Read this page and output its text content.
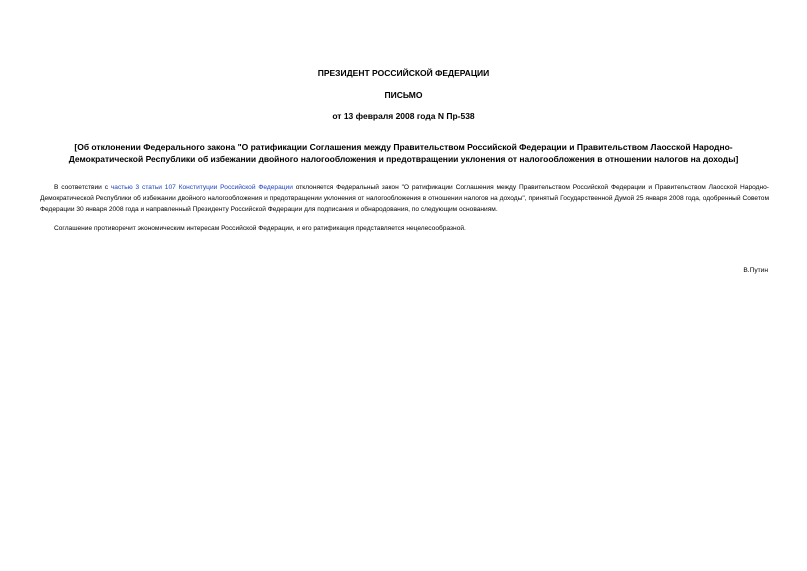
ПРЕЗИДЕНТ РОССИЙСКОЙ ФЕДЕРАЦИИ
ПИСЬМО
от 13 февраля 2008 года N Пр-538
[Об отклонении Федерального закона "О ратификации Соглашения между Правительством Российской Федерации и Правительством Лаосской Народно-Демократической Республики об избежании двойного налогообложения и предотвращении уклонения от налогообложения в отношении налогов на доходы]
В соответствии с частью 3 статьи 107 Конституции Российской Федерации отклоняется Федеральный закон "О ратификации Соглашения между Правительством Российской Федерации и Правительством Лаосской Народно-Демократической Республики об избежании двойного налогообложения и предотвращении уклонения от налогообложения в отношении налогов на доходы", принятый Государственной Думой 25 января 2008 года, одобренный Советом Федерации 30 января 2008 года и направленный Президенту Российской Федерации для подписания и обнародования, по следующим основаниям.
Соглашение противоречит экономическим интересам Российской Федерации, и его ратификация представляется нецелесообразной.
В.Путин
